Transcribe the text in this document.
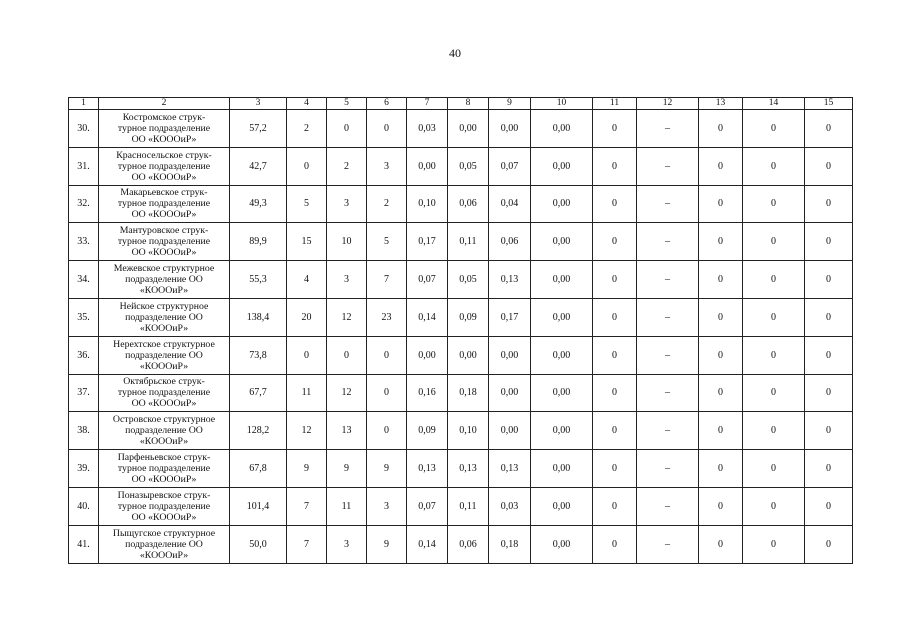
40
1	2	3	4	5	6	7	8	9	10	11	12	13	14	15
30.	Костромское струк-
турное подразделение
ОО «КОООиР»	57,2	2	0	0	0,03	0,00	0,00	0,00	0	–	0	0	0
31.	Красносельское струк-
турное подразделение
ОО «КОООиР»	42,7	0	2	3	0,00	0,05	0,07	0,00	0	–	0	0	0
32.	Макарьевское струк-
турное подразделение
ОО «КОООиР»	49,3	5	3	2	0,10	0,06	0,04	0,00	0	–	0	0	0
33.	Мантуровское струк-
турное подразделение
ОО «КОООиР»	89,9	15	10	5	0,17	0,11	0,06	0,00	0	–	0	0	0
34.	Межевское структурное
подразделение ОО
«КОООиР»	55,3	4	3	7	0,07	0,05	0,13	0,00	0	–	0	0	0
35.	Нейское структурное
подразделение ОО
«КОООиР»	138,4	20	12	23	0,14	0,09	0,17	0,00	0	–	0	0	0
36.	Нерехтское структурное
подразделение ОО
«КОООиР»	73,8	0	0	0	0,00	0,00	0,00	0,00	0	–	0	0	0
37.	Октябрьское струк-
турное подразделение
ОО «КОООиР»	67,7	11	12	0	0,16	0,18	0,00	0,00	0	–	0	0	0
38.	Островское структурное
подразделение ОО
«КОООиР»	128,2	12	13	0	0,09	0,10	0,00	0,00	0	–	0	0	0
39.	Парфеньевское струк-
турное подразделение
ОО «КОООиР»	67,8	9	9	9	0,13	0,13	0,13	0,00	0	–	0	0	0
40.	Поназыревское струк-
турное подразделение
ОО «КОООиР»	101,4	7	11	3	0,07	0,11	0,03	0,00	0	–	0	0	0
41.	Пыщугское структурное
подразделение ОО
«КОООиР»	50,0	7	3	9	0,14	0,06	0,18	0,00	0	–	0	0	0
